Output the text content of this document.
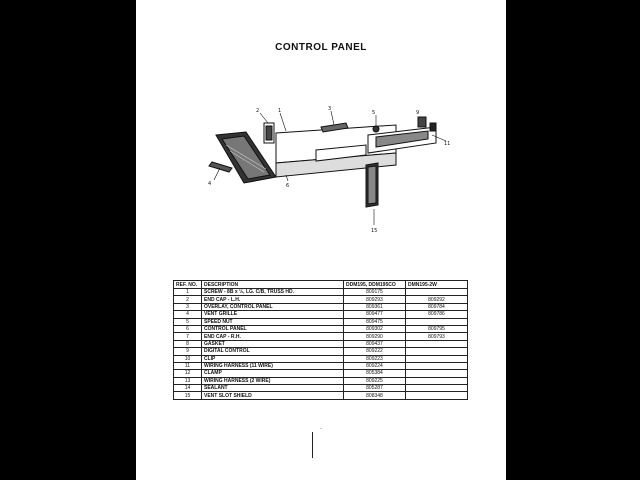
CONTROL PANEL
2	1	3
5	9
11
15
4	6
REF. NO.	DESCRIPTION	DDM195, DDM195CO	DMN195-2W
1	SCREW - 8B x ½, LG. C/B, TRUSS HD.	809175	
2	END CAP - L.H.	809293	809292
3	OVERLAY, CONTROL PANEL	809361	809784
4	VENT GRILLE	809477	809786
5	SPEED NUT	809475	
6	CONTROL PANEL	809302	809795
7	END CAP - R.H.	809290	809793
8	GASKET	809437	
9	DIGITAL CONTROL	809222	
10	CLIP	809223	
11	WIRING HARNESS (11 WIRE)	809224	
12	CLAMP	805384	
13	WIRING HARNESS (2 WIRE)	809225	
14	SEALANT	805287	
15	VENT SLOT SHIELD	808348	
·
